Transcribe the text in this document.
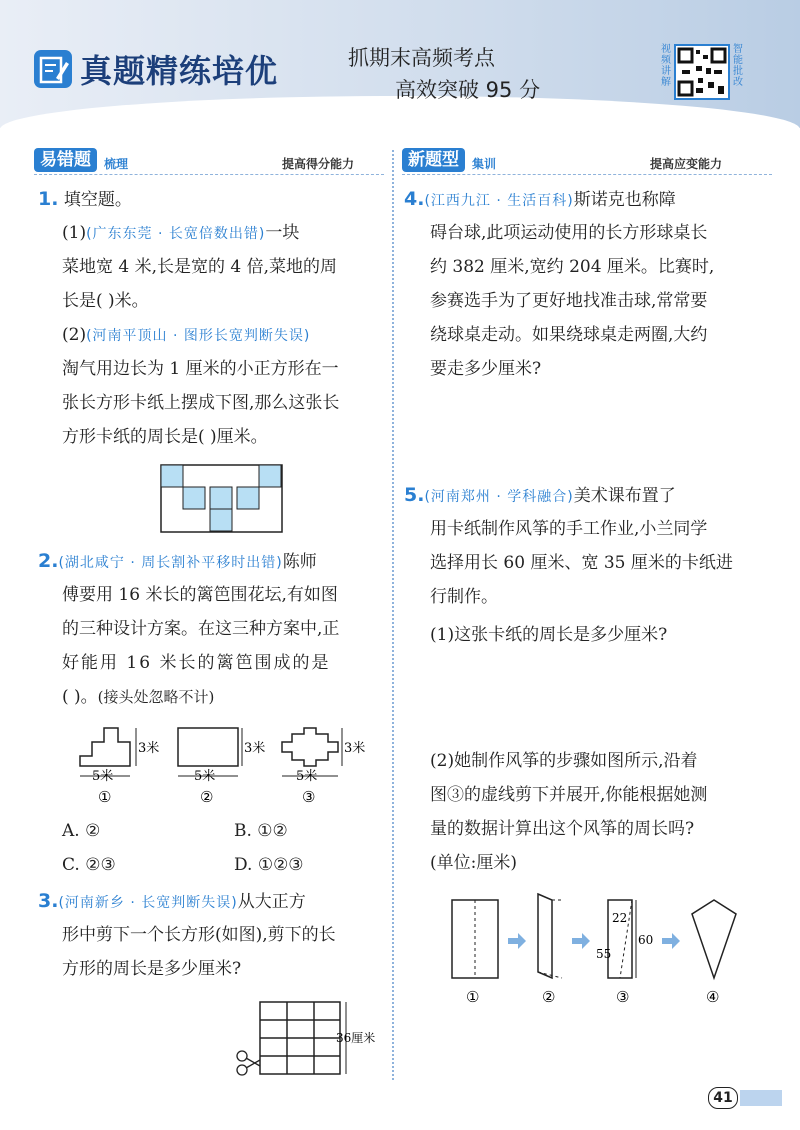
真题精练培优	抓期末高频考点
高效突破 95 分
视频讲解
智能批改
易错题	梳理	提高得分能力	新题型	集训	提高应变能力
1. 填空题。
(1)(广东东莞 · 长宽倍数出错)一块
菜地宽 4 米,长是宽的 4 倍,菜地的周
长是( )米。
(2)(河南平顶山 · 图形长宽判断失误)
淘气用边长为 1 厘米的小正方形在一
张长方形卡纸上摆成下图,那么这张长
方形卡纸的周长是( )厘米。
2.(湖北咸宁 · 周长割补平移时出错)陈师
傅要用 16 米长的篱笆围花坛,有如图
的三种设计方案。在这三种方案中,正
好能用 16 米长的篱笆围成的是
( )。(接头处忽略不计)
3米
5米
①
3米
5米
②
3米
5米
③
A. ②	B. ①②
C. ②③	D. ①②③
3.(河南新乡 · 长宽判断失误)从大正方
形中剪下一个长方形(如图),剪下的长
方形的周长是多少厘米?
36厘米
4.(江西九江 · 生活百科)斯诺克也称障
碍台球,此项运动使用的长方形球桌长
约 382 厘米,宽约 204 厘米。比赛时,
参赛选手为了更好地找准击球,常常要
绕球桌走动。如果绕球桌走两圈,大约
要走多少厘米?
5.(河南郑州 · 学科融合)美术课布置了
用卡纸制作风筝的手工作业,小兰同学
选择用长 60 厘米、宽 35 厘米的卡纸进
行制作。
(1)这张卡纸的周长是多少厘米?
(2)她制作风筝的步骤如图所示,沿着
图③的虚线剪下并展开,你能根据她测
量的数据计算出这个风筝的周长吗?
(单位:厘米)
①	②
22
55
60
③	④
41
